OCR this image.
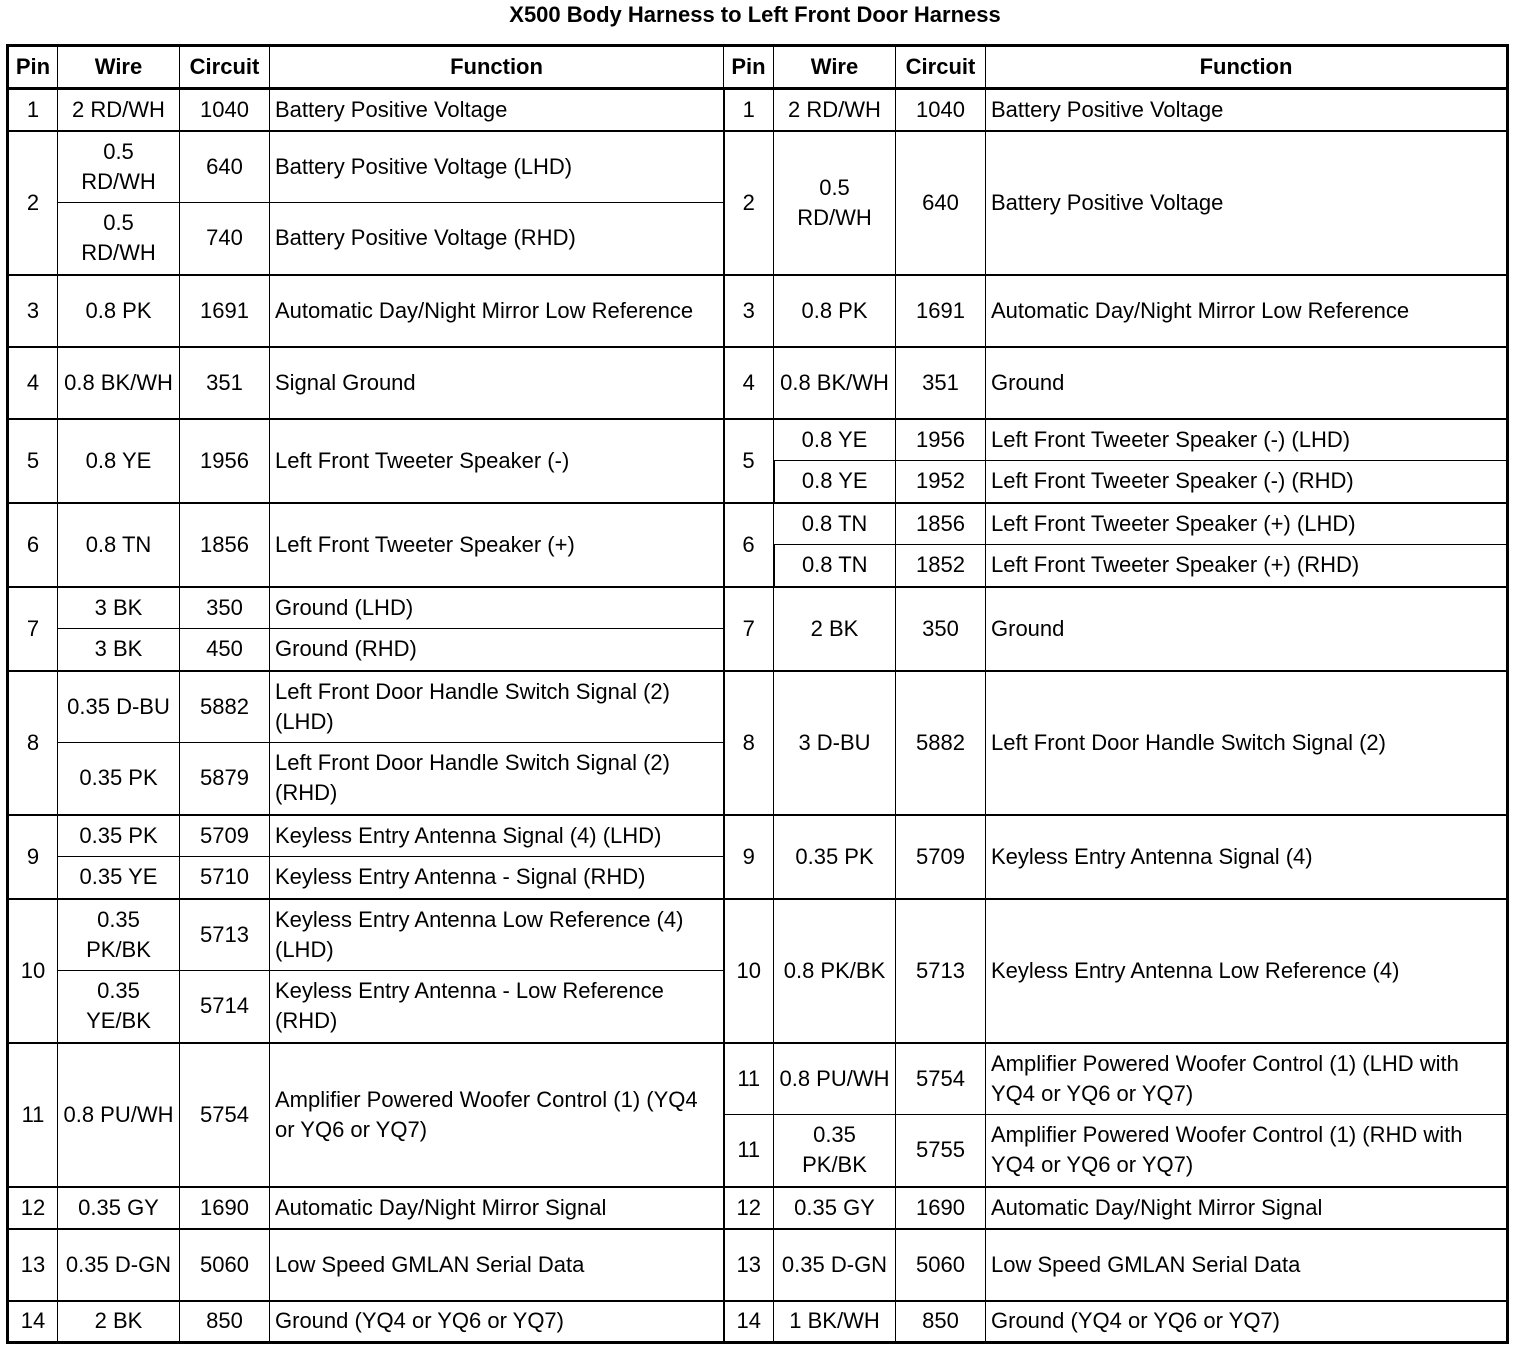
X500 Body Harness to Left Front Door Harness
Pin	Wire	Circuit	Function	Pin	Wire	Circuit	Function
1	2 RD/WH	1040	Battery Positive Voltage	1	2 RD/WH	1040	Battery Positive Voltage
2	0.5 RD/WH	640	Battery Positive Voltage (LHD)	2	0.5 RD/WH	640	Battery Positive Voltage
	0.5 RD/WH	740	Battery Positive Voltage (RHD)				
3	0.8 PK	1691	Automatic Day/Night Mirror Low Reference	3	0.8 PK	1691	Automatic Day/Night Mirror Low Reference
4	0.8 BK/WH	351	Signal Ground	4	0.8 BK/WH	351	Ground
5	0.8 YE	1956	Left Front Tweeter Speaker (-)	5	0.8 YE	1956	Left Front Tweeter Speaker (-) (LHD)
					0.8 YE	1952	Left Front Tweeter Speaker (-) (RHD)
6	0.8 TN	1856	Left Front Tweeter Speaker (+)	6	0.8 TN	1856	Left Front Tweeter Speaker (+) (LHD)
					0.8 TN	1852	Left Front Tweeter Speaker (+) (RHD)
7	3 BK	350	Ground (LHD)	7	2 BK	350	Ground
	3 BK	450	Ground (RHD)				
8	0.35 D-BU	5882	Left Front Door Handle Switch Signal (2) (LHD)	8	3 D-BU	5882	Left Front Door Handle Switch Signal (2)
	0.35 PK	5879	Left Front Door Handle Switch Signal (2) (RHD)				
9	0.35 PK	5709	Keyless Entry Antenna Signal (4) (LHD)	9	0.35 PK	5709	Keyless Entry Antenna Signal (4)
	0.35 YE	5710	Keyless Entry Antenna - Signal (RHD)				
10	0.35 PK/BK	5713	Keyless Entry Antenna Low Reference (4) (LHD)	10	0.8 PK/BK	5713	Keyless Entry Antenna Low Reference (4)
	0.35 YE/BK	5714	Keyless Entry Antenna - Low Reference (RHD)				
11	0.8 PU/WH	5754	Amplifier Powered Woofer Control (1) (YQ4 or YQ6 or YQ7)	11	0.8 PU/WH	5754	Amplifier Powered Woofer Control (1) (LHD with YQ4 or YQ6 or YQ7)
				11	0.35 PK/BK	5755	Amplifier Powered Woofer Control (1) (RHD with YQ4 or YQ6 or YQ7)
12	0.35 GY	1690	Automatic Day/Night Mirror Signal	12	0.35 GY	1690	Automatic Day/Night Mirror Signal
13	0.35 D-GN	5060	Low Speed GMLAN Serial Data	13	0.35 D-GN	5060	Low Speed GMLAN Serial Data
14	2 BK	850	Ground (YQ4 or YQ6 or YQ7)	14	1 BK/WH	850	Ground (YQ4 or YQ6 or YQ7)
